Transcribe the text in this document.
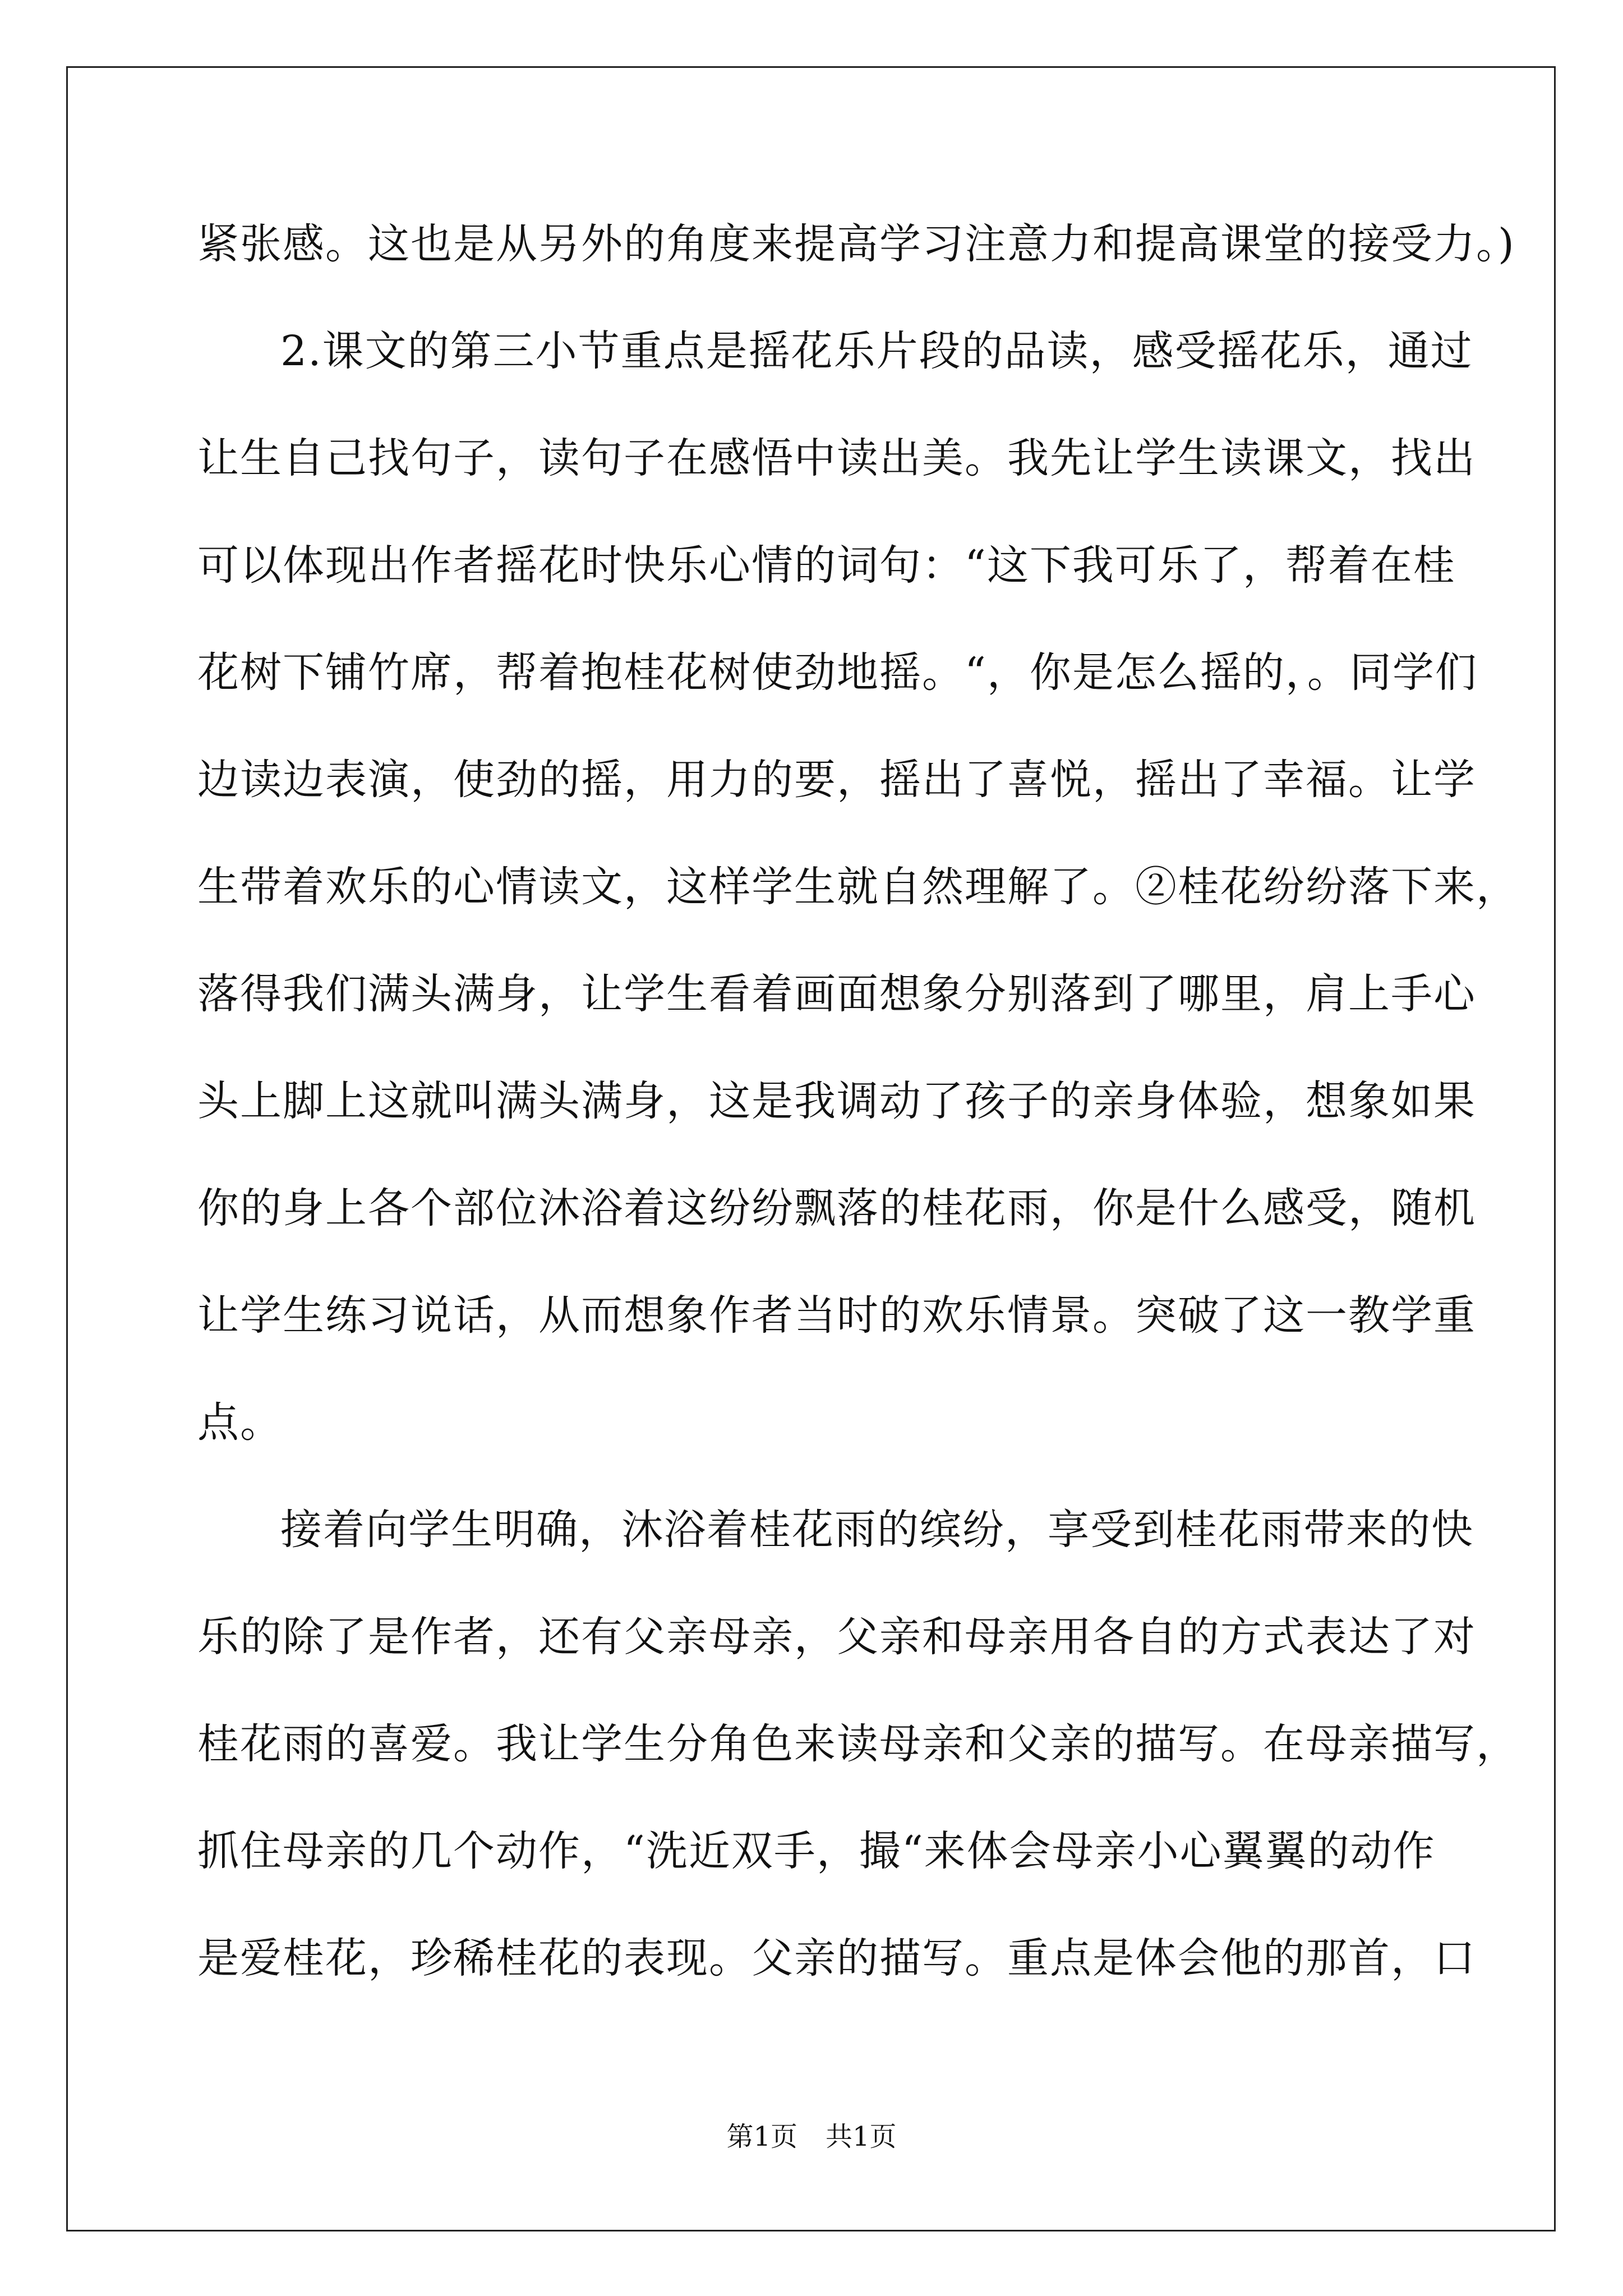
紧张感。这也是从另外的角度来提高学习注意力和提高课堂的接受力。)
2.课文的第三小节重点是摇花乐片段的品读，感受摇花乐，通过
让生自己找句子，读句子在感悟中读出美。我先让学生读课文，找出
可以体现出作者摇花时快乐心情的词句：“这下我可乐了，帮着在桂
花树下铺竹席，帮着抱桂花树使劲地摇。“，你是怎么摇的，。同学们
边读边表演，使劲的摇，用力的要，摇出了喜悦，摇出了幸福。让学
生带着欢乐的心情读文，这样学生就自然理解了。②桂花纷纷落下来，
落得我们满头满身，让学生看着画面想象分别落到了哪里，肩上手心
头上脚上这就叫满头满身，这是我调动了孩子的亲身体验，想象如果
你的身上各个部位沐浴着这纷纷飘落的桂花雨，你是什么感受，随机
让学生练习说话，从而想象作者当时的欢乐情景。突破了这一教学重
点。
接着向学生明确，沐浴着桂花雨的缤纷，享受到桂花雨带来的快
乐的除了是作者，还有父亲母亲，父亲和母亲用各自的方式表达了对
桂花雨的喜爱。我让学生分角色来读母亲和父亲的描写。在母亲描写，
抓住母亲的几个动作，“洗近双手，撮“来体会母亲小心翼翼的动作
是爱桂花，珍稀桂花的表现。父亲的描写。重点是体会他的那首，口
第1页 共1页
